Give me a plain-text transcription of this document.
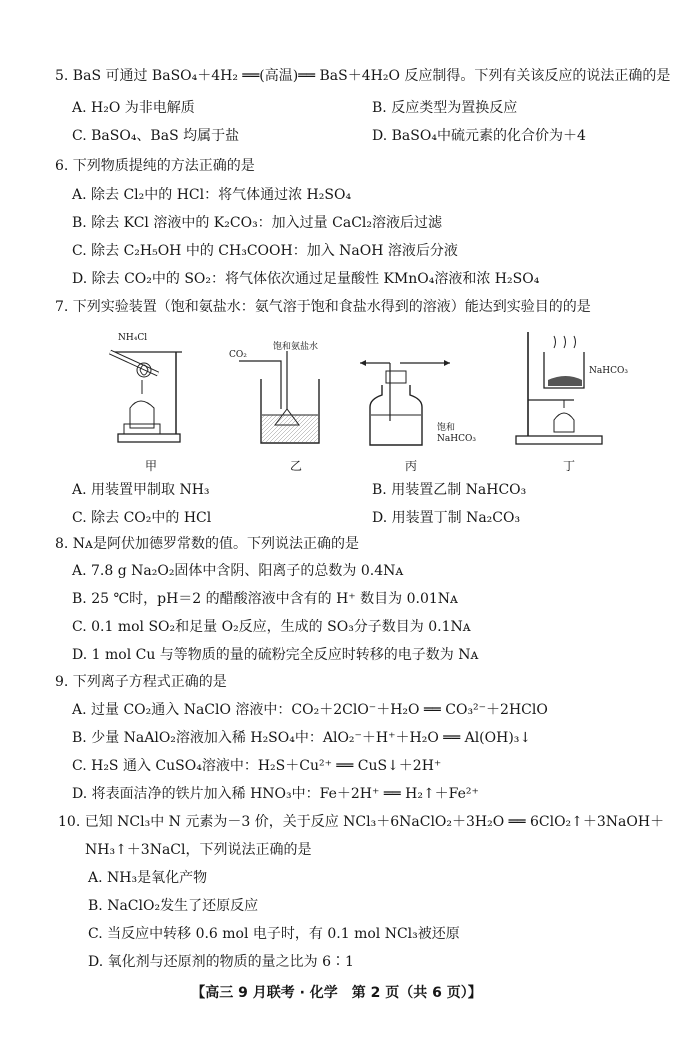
5. BaS 可通过 BaSO₄＋4H₂ ══(高温)══ BaS＋4H₂O 反应制得。下列有关该反应的说法正确的是
A. H₂O 为非电解质	B. 反应类型为置换反应
C. BaSO₄、BaS 均属于盐	D. BaSO₄中硫元素的化合价为＋4
6. 下列物质提纯的方法正确的是
A. 除去 Cl₂中的 HCl：将气体通过浓 H₂SO₄
B. 除去 KCl 溶液中的 K₂CO₃：加入过量 CaCl₂溶液后过滤
C. 除去 C₂H₅OH 中的 CH₃COOH：加入 NaOH 溶液后分液
D. 除去 CO₂中的 SO₂：将气体依次通过足量酸性 KMnO₄溶液和浓 H₂SO₄
7. 下列实验装置（饱和氨盐水：氨气溶于饱和食盐水得到的溶液）能达到实验目的的是
NH₄Cl
甲
CO₂
饱和氨盐水
乙
饱和
NaHCO₃
丙
NaHCO₃
丁
A. 用装置甲制取 NH₃	B. 用装置乙制 NaHCO₃
C. 除去 CO₂中的 HCl	D. 用装置丁制 Na₂CO₃
8. Nᴀ是阿伏加德罗常数的值。下列说法正确的是
A. 7.8 g Na₂O₂固体中含阴、阳离子的总数为 0.4Nᴀ
B. 25 ℃时，pH＝2 的醋酸溶液中含有的 H⁺ 数目为 0.01Nᴀ
C. 0.1 mol SO₂和足量 O₂反应，生成的 SO₃分子数目为 0.1Nᴀ
D. 1 mol Cu 与等物质的量的硫粉完全反应时转移的电子数为 Nᴀ
9. 下列离子方程式正确的是
A. 过量 CO₂通入 NaClO 溶液中：CO₂＋2ClO⁻＋H₂O ══ CO₃²⁻＋2HClO
B. 少量 NaAlO₂溶液加入稀 H₂SO₄中：AlO₂⁻＋H⁺＋H₂O ══ Al(OH)₃↓
C. H₂S 通入 CuSO₄溶液中：H₂S＋Cu²⁺ ══ CuS↓＋2H⁺
D. 将表面洁净的铁片加入稀 HNO₃中：Fe＋2H⁺ ══ H₂↑＋Fe²⁺
10. 已知 NCl₃中 N 元素为－3 价，关于反应 NCl₃＋6NaClO₂＋3H₂O ══ 6ClO₂↑＋3NaOH＋
NH₃↑＋3NaCl，下列说法正确的是
A. NH₃是氧化产物
B. NaClO₂发生了还原反应
C. 当反应中转移 0.6 mol 电子时，有 0.1 mol NCl₃被还原
D. 氧化剂与还原剂的物质的量之比为 6∶1
【高三 9 月联考 · 化学　第 2 页（共 6 页）】
